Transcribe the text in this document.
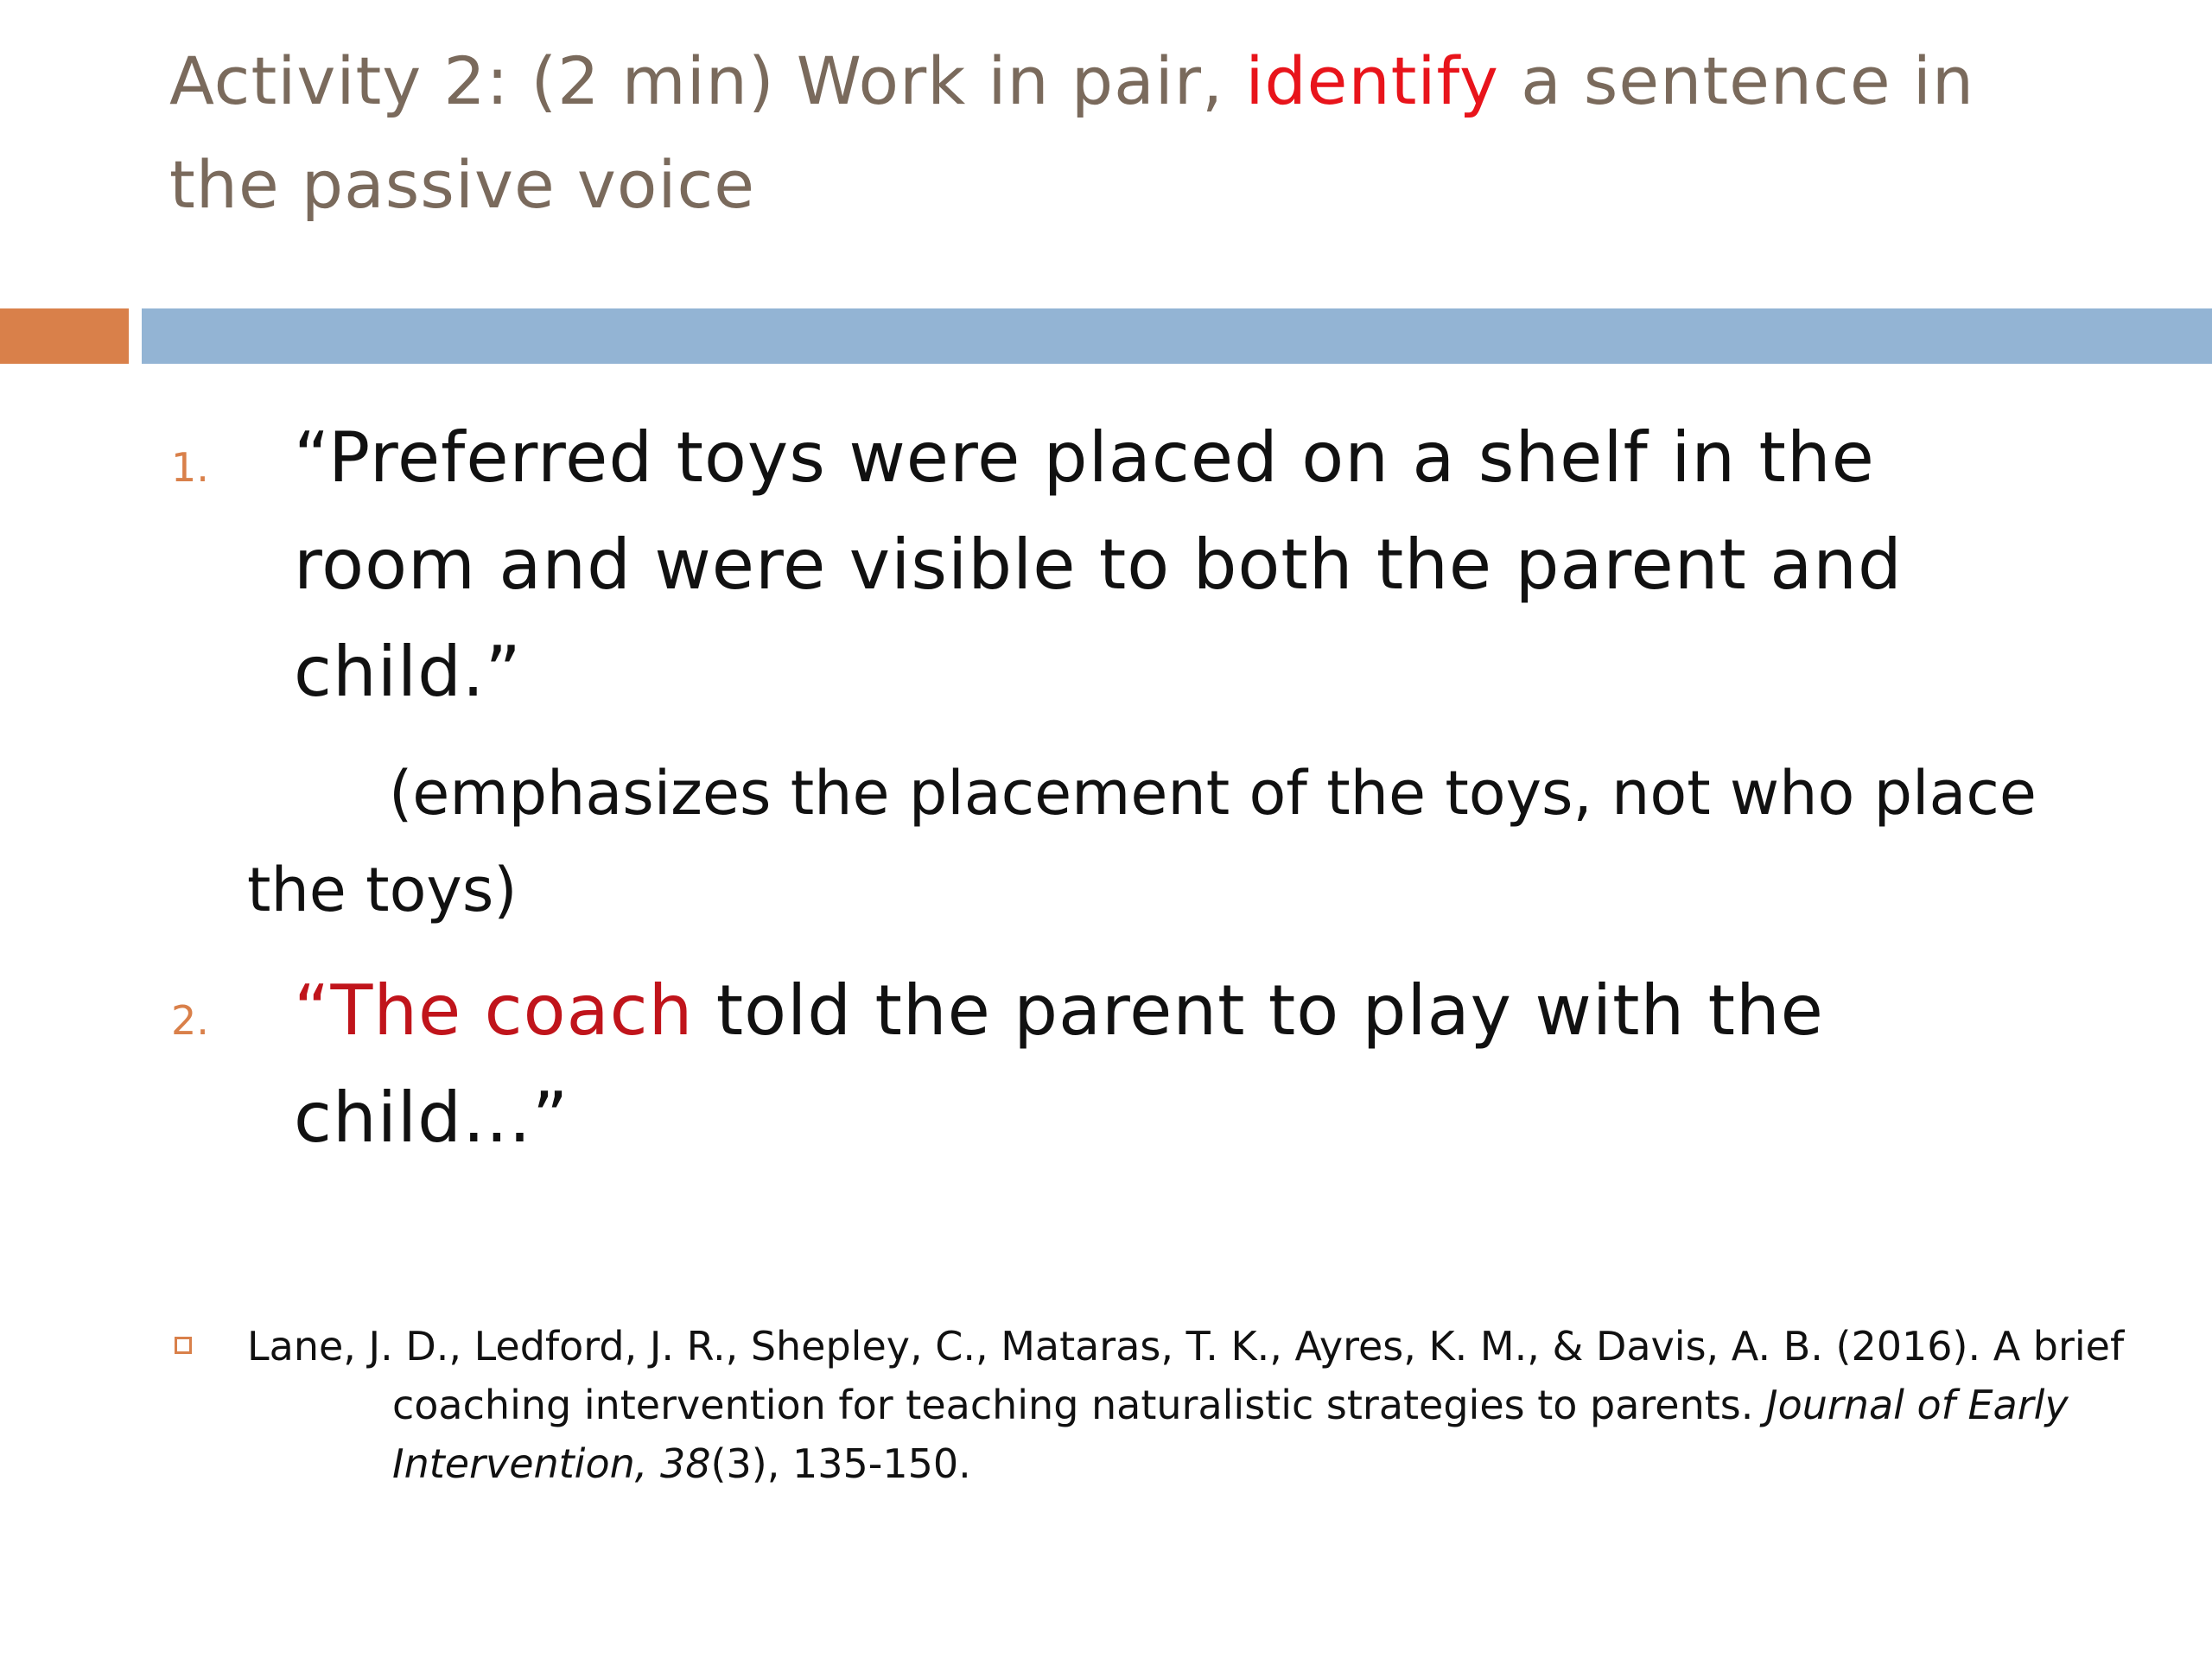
Activity 2: (2 min) Work in pair, identify a sentence in the passive voice
1. “Preferred toys were placed on a shelf in the room and were visible to both the parent and child.”
(emphasizes the placement of the toys, not who place the toys)
2. “The coach told the parent to play with the child…”
Lane, J. D., Ledford, J. R., Shepley, C., Mataras, T. K., Ayres, K. M., & Davis, A. B. (2016). A brief coaching intervention for teaching naturalistic strategies to parents. Journal of Early Intervention, 38(3), 135-150.
